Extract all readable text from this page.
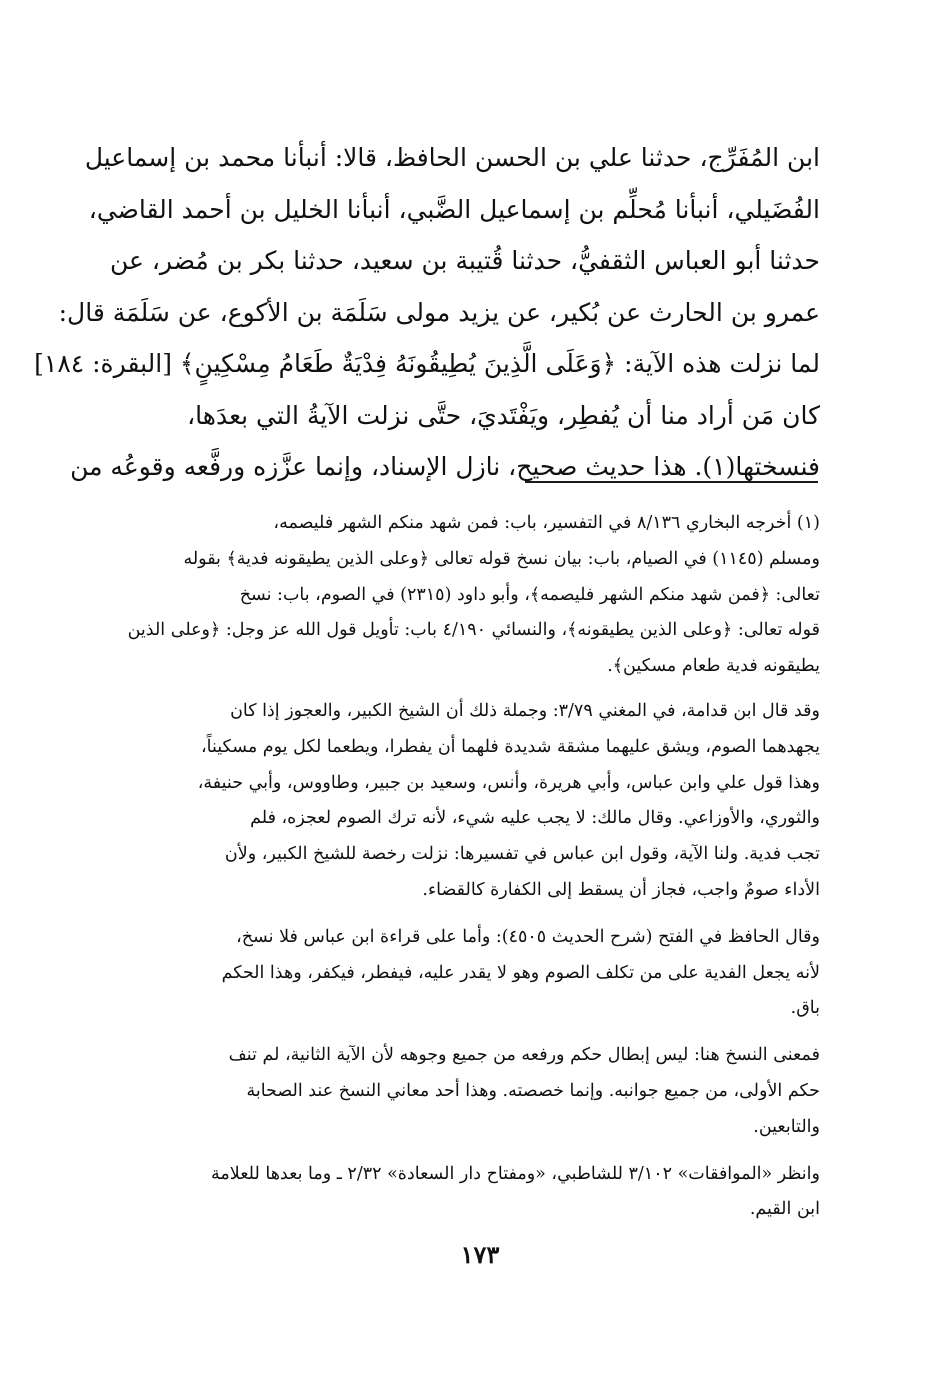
ابن المُفَرِّج، حدثنا علي بن الحسن الحافظ، قالا: أنبأنا محمد بن إسماعيل
الفُضَيلي، أنبأنا مُحلِّم بن إسماعيل الضَّبي، أنبأنا الخليل بن أحمد القاضي،
حدثنا أبو العباس الثقفيُّ، حدثنا قُتيبة بن سعيد، حدثنا بكر بن مُضر، عن
عمرو بن الحارث عن بُكير، عن يزيد مولى سَلَمَة بن الأكوع، عن سَلَمَة قال:
لما نزلت هذه الآية: ﴿وَعَلَى الَّذِينَ يُطِيقُونَهُ فِدْيَةٌ طَعَامُ مِسْكِينٍ﴾ [البقرة: ١٨٤]
كان مَن أراد منا أن يُفطِر، ويَفْتَديَ، حتَّى نزلت الآيةُ التي بعدَها،
فنسختها(١). هذا حديث صحيح، نازل الإسناد، وإنما عزَّزه ورفَّعه وقوعُه من
(١) أخرجه البخاري ٨/١٣٦ في التفسير، باب: فمن شهد منكم الشهر فليصمه،
ومسلم (١١٤٥) في الصيام، باب: بيان نسخ قوله تعالى ﴿وعلى الذين يطيقونه فدية﴾ بقوله
تعالى: ﴿فمن شهد منكم الشهر فليصمه﴾، وأبو داود (٢٣١٥) في الصوم، باب: نسخ
قوله تعالى: ﴿وعلى الذين يطيقونه﴾، والنسائي ٤/١٩٠ باب: تأويل قول الله عز وجل: ﴿وعلى الذين
يطيقونه فدية طعام مسكين﴾.
وقد قال ابن قدامة، في المغني ٣/٧٩: وجملة ذلك أن الشيخ الكبير، والعجوز إذا كان
يجهدهما الصوم، ويشق عليهما مشقة شديدة فلهما أن يفطرا، ويطعما لكل يوم مسكيناً،
وهذا قول علي وابن عباس، وأبي هريرة، وأنس، وسعيد بن جبير، وطاووس، وأبي حنيفة،
والثوري، والأوزاعي. وقال مالك: لا يجب عليه شيء، لأنه ترك الصوم لعجزه، فلم
تجب فدية. ولنا الآية، وقول ابن عباس في تفسيرها: نزلت رخصة للشيخ الكبير، ولأن
الأداء صومٌ واجب، فجاز أن يسقط إلى الكفارة كالقضاء.
وقال الحافظ في الفتح (شرح الحديث ٤٥٠٥): وأما على قراءة ابن عباس فلا نسخ،
لأنه يجعل الفدية على من تكلف الصوم وهو لا يقدر عليه، فيفطر، فيكفر، وهذا الحكم
باق.
فمعنى النسخ هنا: ليس إبطال حكم ورفعه من جميع وجوهه لأن الآية الثانية، لم تنف
حكم الأولى، من جميع جوانبه. وإنما خصصته. وهذا أحد معاني النسخ عند الصحابة
والتابعين.
وانظر «الموافقات» ٣/١٠٢ للشاطبي، «ومفتاح دار السعادة» ٢/٣٢ ـ وما بعدها للعلامة
ابن القيم.
١٧٣
